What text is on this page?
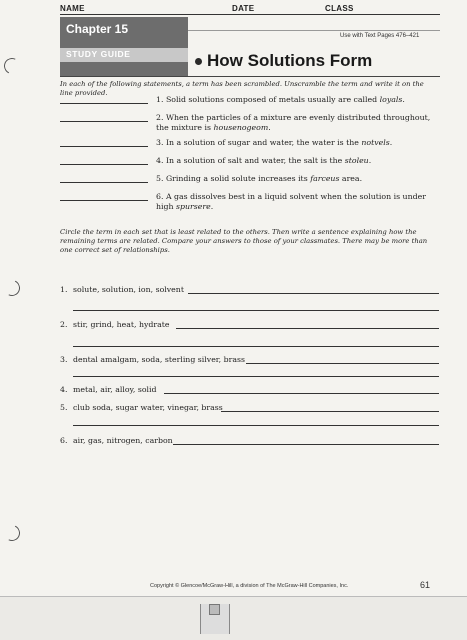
NAME	DATE	CLASS
Chapter 15
STUDY GUIDE
Use with Text Pages 476–421
How Solutions Form
In each of the following statements, a term has been scrambled. Unscramble the term and write it on the line provided.
1. Solid solutions composed of metals usually are called loyals.
2. When the particles of a mixture are evenly distributed throughout, the mixture is housenogeom.
3. In a solution of sugar and water, the water is the notvels.
4. In a solution of salt and water, the salt is the stoleu.
5. Grinding a solid solute increases its farceus area.
6. A gas dissolves best in a liquid solvent when the solution is under high spursere.
Circle the term in each set that is least related to the others. Then write a sentence explaining how the remaining terms are related. Compare your answers to those of your classmates. There may be more than one correct set of relationships.
1. solute, solution, ion, solvent
2. stir, grind, heat, hydrate
3. dental amalgam, soda, sterling silver, brass
4. metal, air, alloy, solid
5. club soda, sugar water, vinegar, brass
6. air, gas, nitrogen, carbon
Copyright © Glencoe/McGraw-Hill, a division of The McGraw-Hill Companies, Inc.	61
